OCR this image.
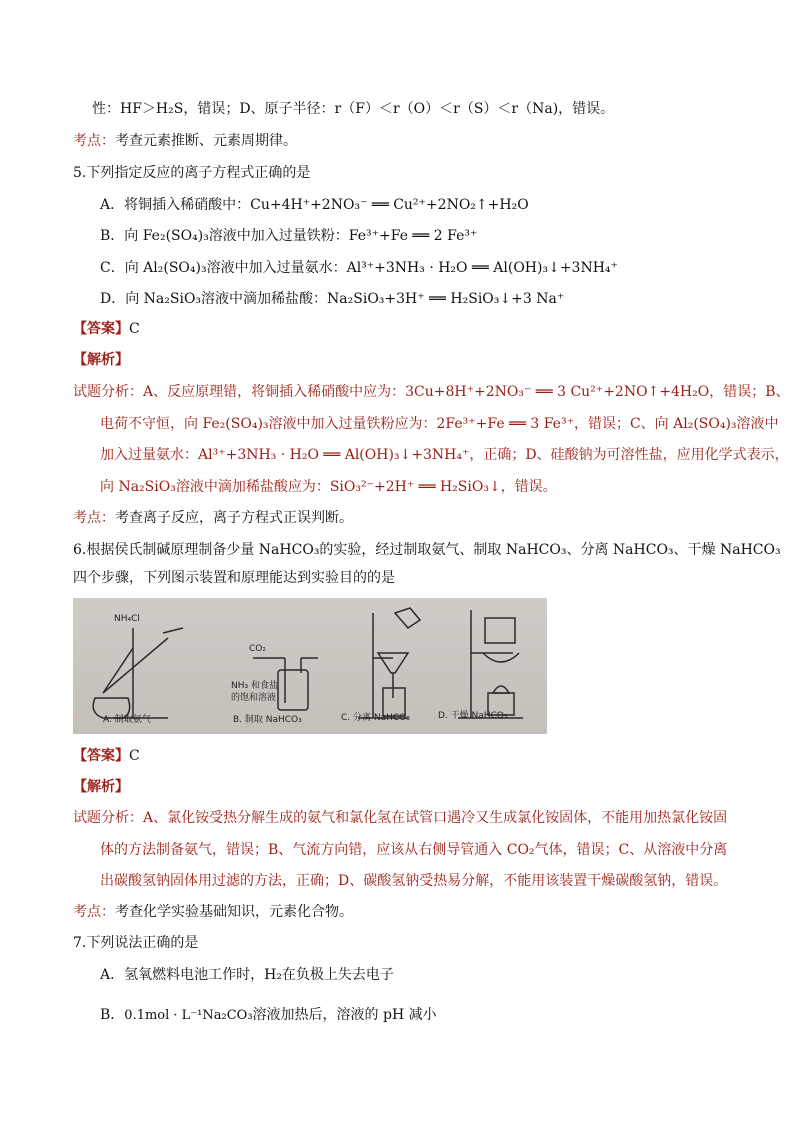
性：HF＞H₂S，错误；D、原子半径：r（F）＜r（O）＜r（S）＜r（Na)，错误。
考点：考查元素推断、元素周期律。
5.下列指定反应的离子方程式正确的是
A．将铜插入稀硝酸中：Cu+4H⁺+2NO₃⁻ ══ Cu²⁺+2NO₂↑+H₂O
B．向 Fe₂(SO₄)₃溶液中加入过量铁粉：Fe³⁺+Fe ══ 2 Fe³⁺
C．向 Al₂(SO₄)₃溶液中加入过量氨水：Al³⁺+3NH₃ · H₂O ══ Al(OH)₃↓+3NH₄⁺
D．向 Na₂SiO₃溶液中滴加稀盐酸：Na₂SiO₃+3H⁺ ══ H₂SiO₃↓+3 Na⁺
【答案】C
【解析】
试题分析：A、反应原理错，将铜插入稀硝酸中应为：3Cu+8H⁺+2NO₃⁻ ══ 3 Cu²⁺+2NO↑+4H₂O，错误；B、
电荷不守恒，向 Fe₂(SO₄)₃溶液中加入过量铁粉应为：2Fe³⁺+Fe ══ 3 Fe³⁺，错误；C、向 Al₂(SO₄)₃溶液中
加入过量氨水：Al³⁺+3NH₃ · H₂O ══ Al(OH)₃↓+3NH₄⁺，正确；D、硅酸钠为可溶性盐，应用化学式表示，
向 Na₂SiO₃溶液中滴加稀盐酸应为：SiO₃²⁻+2H⁺ ══ H₂SiO₃↓，错误。
考点：考查离子反应，离子方程式正误判断。
6.根据侯氏制碱原理制备少量 NaHCO₃的实验，经过制取氨气、制取 NaHCO₃、分离 NaHCO₃、干燥 NaHCO₃
四个步骤，下列图示装置和原理能达到实验目的的是
NH₄Cl
CO₂
NH₃ 和食盐
的饱和溶液
A. 制取氨气	B. 制取 NaHCO₃	C. 分离 NaHCO₃	D. 干燥 NaHCO₃
【答案】C
【解析】
试题分析：A、氯化铵受热分解生成的氨气和氯化氢在试管口遇冷又生成氯化铵固体，不能用加热氯化铵固
体的方法制备氨气，错误；B、气流方向错，应该从右侧导管通入 CO₂气体，错误；C、从溶液中分离
出碳酸氢钠固体用过滤的方法，正确；D、碳酸氢钠受热易分解，不能用该装置干燥碳酸氢钠，错误。
考点：考查化学实验基础知识，元素化合物。
7.下列说法正确的是
A．氢氧燃料电池工作时，H₂在负极上失去电子
B．0.1mol · L⁻¹Na₂CO₃溶液加热后，溶液的 pH 减小
